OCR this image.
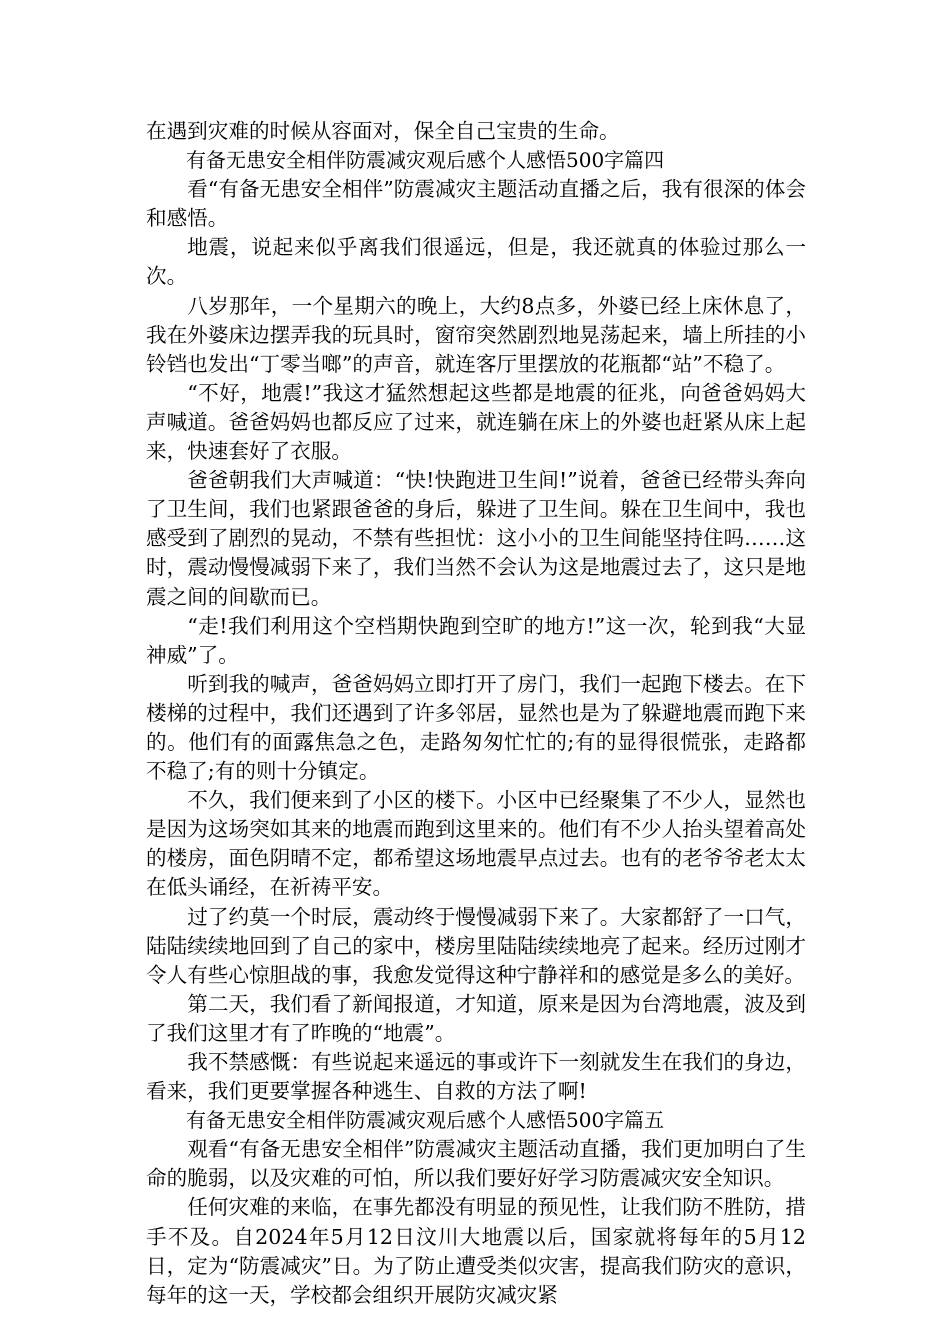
在遇到灾难的时候从容面对，保全自己宝贵的生命。

有备无患安全相伴防震减灾观后感个人感悟500字篇四

看“有备无患安全相伴”防震减灾主题活动直播之后，我有很深的体会和感悟。

地震，说起来似乎离我们很遥远，但是，我还就真的体验过那么一次。

八岁那年，一个星期六的晚上，大约8点多，外婆已经上床休息了，我在外婆床边摆弄我的玩具时，窗帘突然剧烈地晃荡起来，墙上所挂的小铃铛也发出“丁零当啷”的声音，就连客厅里摆放的花瓶都“站”不稳了。

“不好，地震!”我这才猛然想起这些都是地震的征兆，向爸爸妈妈大声喊道。爸爸妈妈也都反应了过来，就连躺在床上的外婆也赶紧从床上起来，快速套好了衣服。

爸爸朝我们大声喊道：“快!快跑进卫生间!”说着，爸爸已经带头奔向了卫生间，我们也紧跟爸爸的身后，躲进了卫生间。躲在卫生间中，我也感受到了剧烈的晃动，不禁有些担忧：这小小的卫生间能坚持住吗……这时，震动慢慢减弱下来了，我们当然不会认为这是地震过去了，这只是地震之间的间歇而已。

“走!我们利用这个空档期快跑到空旷的地方!”这一次，轮到我“大显神威”了。

听到我的喊声，爸爸妈妈立即打开了房门，我们一起跑下楼去。在下楼梯的过程中，我们还遇到了许多邻居，显然也是为了躲避地震而跑下来的。他们有的面露焦急之色，走路匆匆忙忙的;有的显得很慌张，走路都不稳了;有的则十分镇定。

不久，我们便来到了小区的楼下。小区中已经聚集了不少人，显然也是因为这场突如其来的地震而跑到这里来的。他们有不少人抬头望着高处的楼房，面色阴晴不定，都希望这场地震早点过去。也有的老爷爷老太太在低头诵经，在祈祷平安。

过了约莫一个时辰，震动终于慢慢减弱下来了。大家都舒了一口气，陆陆续续地回到了自己的家中，楼房里陆陆续续地亮了起来。经历过刚才令人有些心惊胆战的事，我愈发觉得这种宁静祥和的感觉是多么的美好。

第二天，我们看了新闻报道，才知道，原来是因为台湾地震，波及到了我们这里才有了昨晚的“地震”。

我不禁感慨：有些说起来遥远的事或许下一刻就发生在我们的身边，看来，我们更要掌握各种逃生、自救的方法了啊!

有备无患安全相伴防震减灾观后感个人感悟500字篇五

观看“有备无患安全相伴”防震减灾主题活动直播，我们更加明白了生命的脆弱，以及灾难的可怕，所以我们要好好学习防震减灾安全知识。

任何灾难的来临，在事先都没有明显的预见性，让我们防不胜防，措手不及。自2024年5月12日汶川大地震以后，国家就将每年的5月12日，定为“防震减灾”日。为了防止遭受类似灾害，提高我们防灾的意识，每年的这一天，学校都会组织开展防灾减灾紧
